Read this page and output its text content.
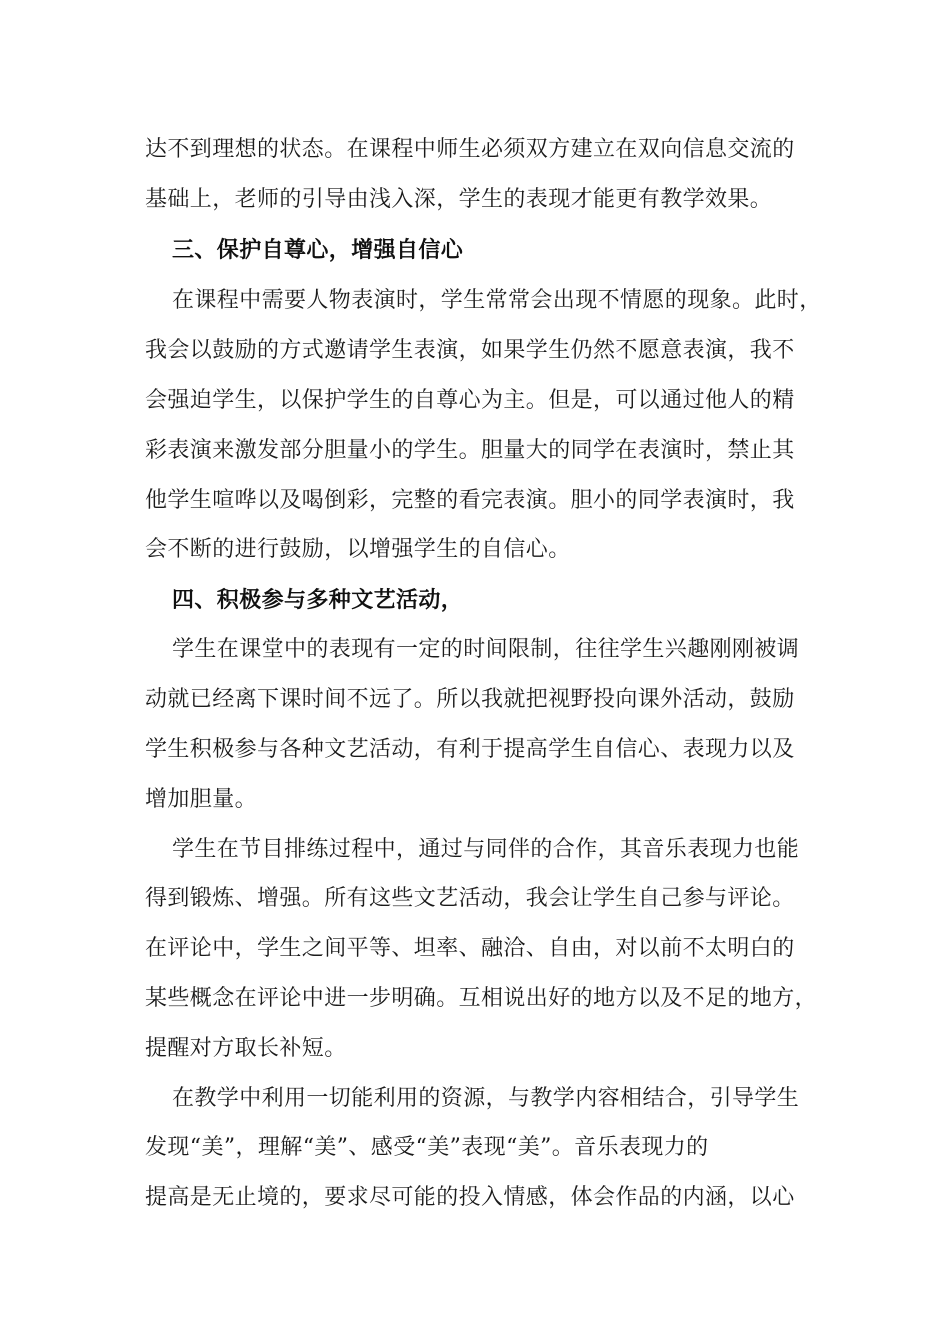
达不到理想的状态。在课程中师生必须双方建立在双向信息交流的
基础上，老师的引导由浅入深，学生的表现才能更有教学效果。
三、保护自尊心，增强自信心
在课程中需要人物表演时，学生常常会出现不情愿的现象。此时，
我会以鼓励的方式邀请学生表演，如果学生仍然不愿意表演，我不
会强迫学生，以保护学生的自尊心为主。但是，可以通过他人的精
彩表演来激发部分胆量小的学生。胆量大的同学在表演时，禁止其
他学生喧哗以及喝倒彩，完整的看完表演。胆小的同学表演时，我
会不断的进行鼓励，以增强学生的自信心。
四、积极参与多种文艺活动，
学生在课堂中的表现有一定的时间限制，往往学生兴趣刚刚被调
动就已经离下课时间不远了。所以我就把视野投向课外活动，鼓励
学生积极参与各种文艺活动，有利于提高学生自信心、表现力以及
增加胆量。
学生在节目排练过程中，通过与同伴的合作，其音乐表现力也能
得到锻炼、增强。所有这些文艺活动，我会让学生自己参与评论。
在评论中，学生之间平等、坦率、融洽、自由，对以前不太明白的
某些概念在评论中进一步明确。互相说出好的地方以及不足的地方，
提醒对方取长补短。
在教学中利用一切能利用的资源，与教学内容相结合，引导学生
发现“美”，理解“美”、感受“美”表现“美”。音乐表现力的
提高是无止境的，要求尽可能的投入情感，体会作品的内涵，以心
